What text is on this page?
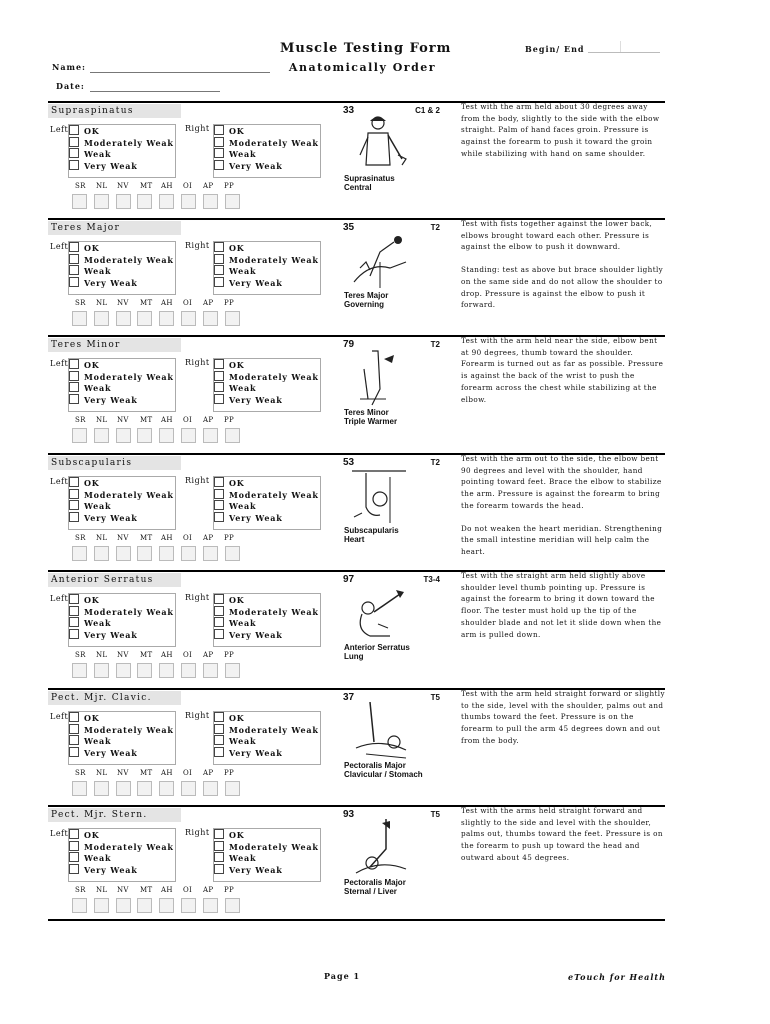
Muscle Testing Form
Anatomically Order
Begin/ End
Name:
Date:
Supraspinatus
Left	OK
Moderately Weak
Weak
Very Weak
Right	OK
Moderately Weak
Weak
Very Weak
SR NL NV MT AH OI AP PP
33	C1 & 2
Suprasinatus
Central

Test with the arm held about 30 degrees away from the body, slightly to the side with the elbow straight. Palm of hand faces groin. Pressure is against the forearm to push it toward the groin while stabilizing with hand on same shoulder.

Teres Major
Left	OK
Moderately Weak
Weak
Very Weak
Right	OK
Moderately Weak
Weak
Very Weak
SR NL NV MT AH OI AP PP
35	T2
Teres Major
Governing

Test with fists together against the lower back, elbows brought toward each other. Pressure is against the elbow to push it downward.

Standing: test as above but brace shoulder lightly on the same side and do not allow the shoulder to drop. Pressure is against the elbow to push it forward.

Teres Minor
Left	OK
Moderately Weak
Weak
Very Weak
Right	OK
Moderately Weak
Weak
Very Weak
SR NL NV MT AH OI AP PP
79	T2
Teres Minor
Triple Warmer

Test with the arm held near the side, elbow bent at 90 degrees, thumb toward the shoulder. Forearm is turned out as far as possible. Pressure is against the back of the wrist to push the forearm across the chest while stabilizing at the elbow.

Subscapularis
Left	OK
Moderately Weak
Weak
Very Weak
Right	OK
Moderately Weak
Weak
Very Weak
SR NL NV MT AH OI AP PP
53	T2
Subscapularis
Heart

Test with the arm out to the side, the elbow bent 90 degrees and level with the shoulder, hand pointing toward feet. Brace the elbow to stabilize the arm. Pressure is against the forearm to bring the forearm towards the head.

Do not weaken the heart meridian. Strengthening the small intestine meridian will help calm the heart.

Anterior Serratus
Left	OK
Moderately Weak
Weak
Very Weak
Right	OK
Moderately Weak
Weak
Very Weak
SR NL NV MT AH OI AP PP
97	T3-4
Anterior Serratus
Lung

Test with the straight arm held slightly above shoulder level thumb pointing up. Pressure is against the forearm to bring it down toward the floor. The tester must hold up the tip of the shoulder blade and not let it slide down when the arm is pulled down.

Pect. Mjr. Clavic.
Left	OK
Moderately Weak
Weak
Very Weak
Right	OK
Moderately Weak
Weak
Very Weak
SR NL NV MT AH OI AP PP
37	T5
Pectoralis Major
Clavicular / Stomach

Test with the arm held straight forward or slightly to the side, level with the shoulder, palms out and thumbs toward the feet. Pressure is on the forearm to pull the arm 45 degrees down and out from the body.

Pect. Mjr. Stern.
Left	OK
Moderately Weak
Weak
Very Weak
Right	OK
Moderately Weak
Weak
Very Weak
SR NL NV MT AH OI AP PP
93	T5
Pectoralis Major
Sternal / Liver

Test with the arms held straight forward and slightly to the side and level with the shoulder, palms out, thumbs toward the feet. Pressure is on the forearm to push up toward the head and outward about 45 degrees.

Page 1	eTouch for Health
